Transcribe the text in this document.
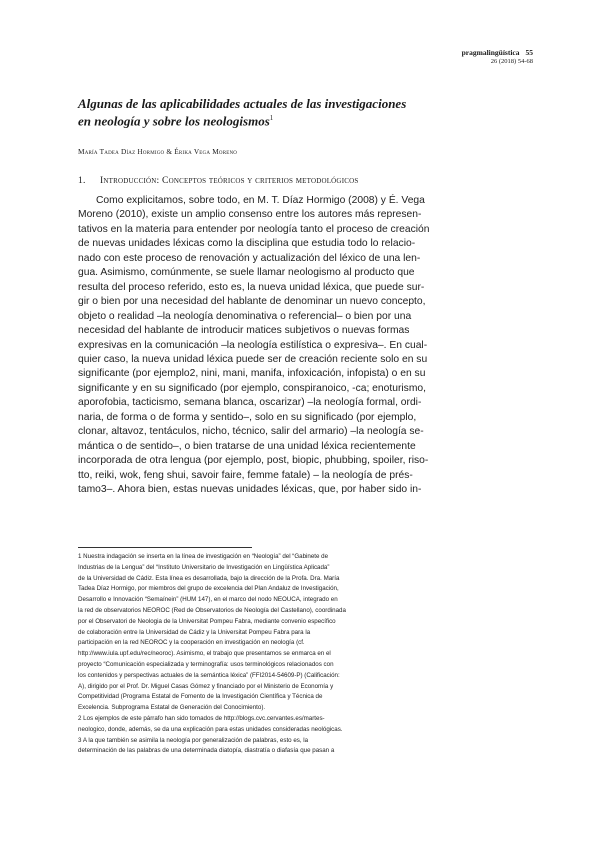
pragmalingüística 55
26 (2018) 54-68
Algunas de las aplicabilidades actuales de las investigaciones
en neología y sobre los neologismos$^1$
María Tadea Díaz Hormigo & Érika Vega Moreno
1. Introducción: Conceptos teóricos y criterios metodológicos
Como explicitamos, sobre todo, en M. T. Díaz Hormigo (2008) y É. Vega
Moreno (2010), existe un amplio consenso entre los autores más represen-
tativos en la materia para entender por neología tanto el proceso de creación
de nuevas unidades léxicas como la disciplina que estudia todo lo relacio-
nado con este proceso de renovación y actualización del léxico de una len-
gua. Asimismo, comúnmente, se suele llamar neologismo al producto que
resulta del proceso referido, esto es, la nueva unidad léxica, que puede sur-
gir o bien por una necesidad del hablante de denominar un nuevo concepto,
objeto o realidad –la neología denominativa o referencial– o bien por una
necesidad del hablante de introducir matices subjetivos o nuevas formas
expresivas en la comunicación –la neología estilística o expresiva–. En cual-
quier caso, la nueva unidad léxica puede ser de creación reciente solo en su
significante (por ejemplo2, nini, mani, manifa, infoxicación, infopista) o en su
significante y en su significado (por ejemplo, conspiranoico, -ca; enoturismo,
aporofobia, tacticismo, semana blanca, oscarizar) –la neología formal, ordi-
naria, de forma o de forma y sentido–, solo en su significado (por ejemplo,
clonar, altavoz, tentáculos, nicho, técnico, salir del armario) –la neología se-
mántica o de sentido–, o bien tratarse de una unidad léxica recientemente
incorporada de otra lengua (por ejemplo, post, biopic, phubbing, spoiler, riso-
tto, reiki, wok, feng shui, savoir faire, femme fatale) – la neología de prés-
tamo3–. Ahora bien, estas nuevas unidades léxicas, que, por haber sido in-
1 Nuestra indagación se inserta en la línea de investigación en “Neología” del “Gabinete de
Industrias de la Lengua” del “Instituto Universitario de Investigación en Lingüística Aplicada”
de la Universidad de Cádiz. Esta línea es desarrollada, bajo la dirección de la Profa. Dra. María
Tadea Díaz Hormigo, por miembros del grupo de excelencia del Plan Andaluz de Investigación,
Desarrollo e Innovación “Semaínein” (HUM 147), en el marco del nodo NEOUCA, integrado en
la red de observatorios NEOROC (Red de Observatorios de Neología del Castellano), coordinada
por el Observatori de Neologia de la Universitat Pompeu Fabra, mediante convenio específico
de colaboración entre la Universidad de Cádiz y la Universitat Pompeu Fabra para la
participación en la red NEOROC y la cooperación en investigación en neología (cf.
http://www.iula.upf.edu/rec/neoroc). Asimismo, el trabajo que presentamos se enmarca en el
proyecto “Comunicación especializada y terminografía: usos terminológicos relacionados con
los contenidos y perspectivas actuales de la semántica léxica” (FFI2014-54609-P) (Calificación:
A), dirigido por el Prof. Dr. Miguel Casas Gómez y financiado por el Ministerio de Economía y
Competitividad (Programa Estatal de Fomento de la Investigación Científica y Técnica de
Excelencia. Subprograma Estatal de Generación del Conocimiento).
2 Los ejemplos de este párrafo han sido tomados de http://blogs.cvc.cervantes.es/martes-
neologico, donde, además, se da una explicación para estas unidades consideradas neológicas.
3 A la que también se asimila la neología por generalización de palabras, esto es, la
determinación de las palabras de una determinada diatopía, diastratía o diafasía que pasan a
